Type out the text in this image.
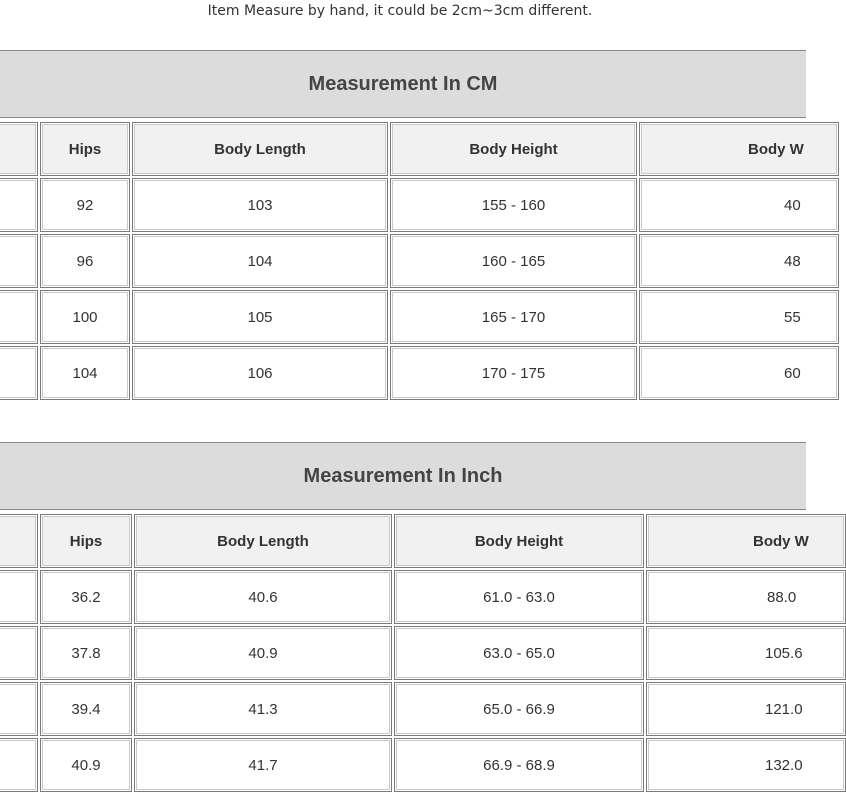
Item Measure by hand, it could be 2cm~3cm different.
Measurement In CM
Hips	Body Length	Body Height	Body W
92	103	155 - 160	40
96	104	160 - 165	48
100	105	165 - 170	55
104	106	170 - 175	60
Measurement In Inch
Hips	Body Length	Body Height	Body W
36.2	40.6	61.0 - 63.0	88.0
37.8	40.9	63.0 - 65.0	105.6
39.4	41.3	65.0 - 66.9	121.0
40.9	41.7	66.9 - 68.9	132.0
